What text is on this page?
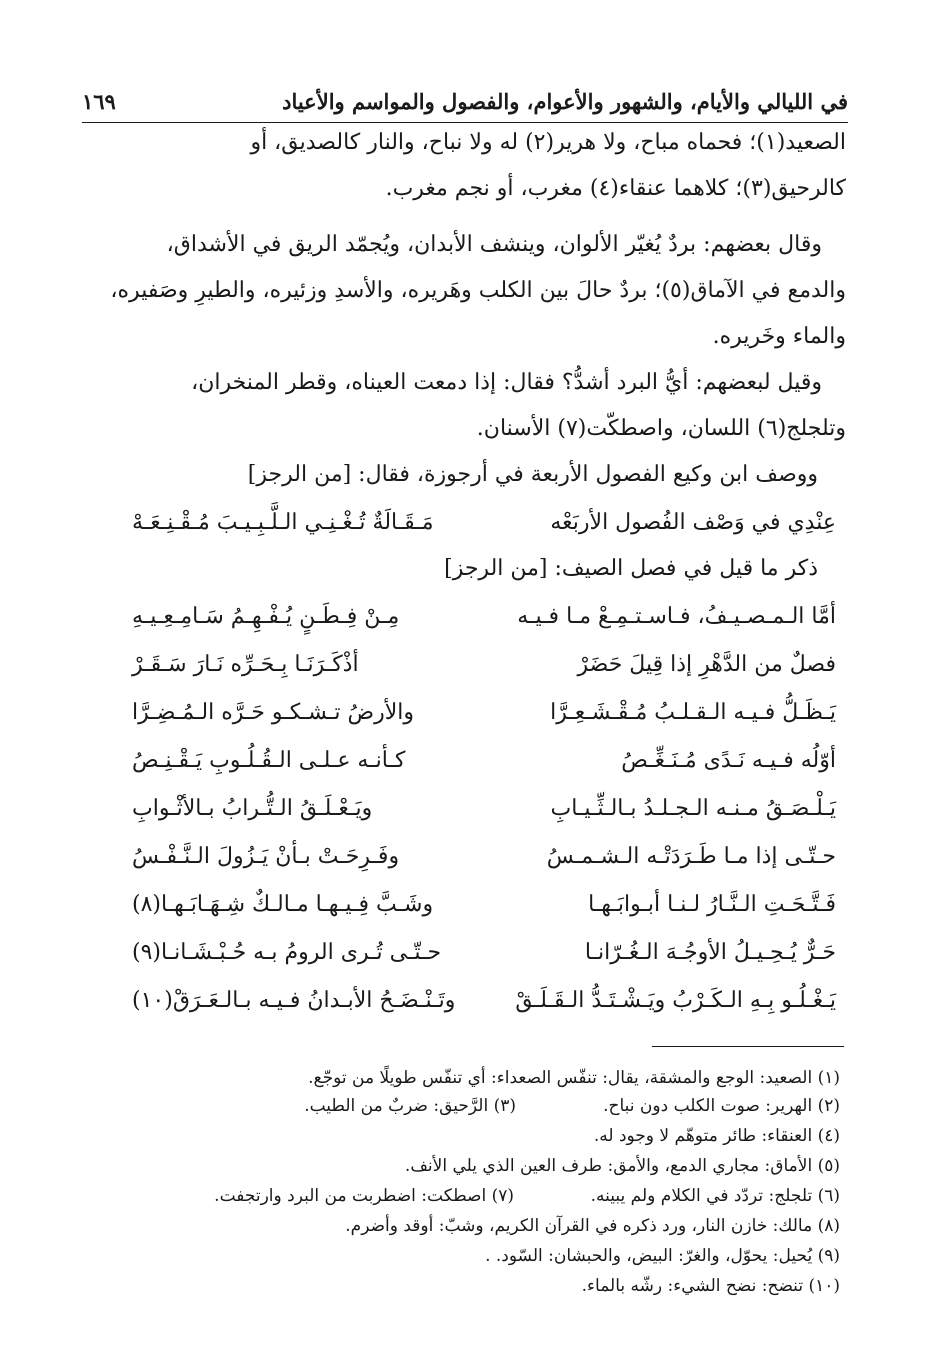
في الليالي والأيام، والشهور والأعوام، والفصول والمواسم والأعياد
١٦٩
الصعيد⁠(١)؛ فحماه مباح، ولا هرير⁠(٢) له ولا نباح، والنار كالصديق، أو
كالرحيق⁠(٣)؛ كلاهما عنقاء⁠(٤) مغرب، أو نجم مغرب.
وقال بعضهم: بردٌ يُغيّر الألوان، وينشف الأبدان، ويُجمّد الريق في الأشداق،
والدمع في الآماق⁠(٥)؛ بردٌ حالَ بين الكلب وهَريره، والأسدِ وزئيره، والطيرِ وصَفيره،
والماء وخَريره.
وقيل لبعضهم: أيُّ البرد أشدُّ؟ فقال: إذا دمعت العيناه، وقطر المنخران،
وتلجلج⁠(٦) اللسان، واصطكّت⁠(٧) الأسنان.
ووصف ابن وكيع الفصول الأربعة في أرجوزة، فقال: [من الرجز]
عِنْدِي في وَصْف الفُصول الأربَعْه
مَـقَـالَةٌ تُـغْـنِـي الـلَّـبِـيـبَ مُـقْـنِـعَـهْ
ذكر ما قيل في فصل الصيف: [من الرجز]
أمَّا الـمـصـيـفُ، فـاسـتـمِـعْ مـا فـيـه
مِـنْ فِـطَـنٍ يُـفْـهِـمُ سَـامِـعِـيـهِ
فصلٌ من الدَّهْرِ إذا قِيلَ حَضَرْ
أذْكَـرَنَـا بِـحَـرِّه نَـارَ سَـقَـرْ
يَـظَـلُّ فـيـه الـقـلـبُ مُـقْـشَـعِـرَّا
والأرضُ تـشـكـو حَـرَّه الـمُـضِـرَّا
أوّلُه فـيـه نَـدًى مُـنَـغِّـصُ
كـأنـه عـلـى الـقُـلُـوبِ يَـقْـنِـصُ
يَـلْـصَـقُ مـنـه الـجـلـدُ بـالـثِّـيـابِ
ويَـعْـلَـقُ الـتُّـرابُ بـالأثْـوابِ
حـتّـى إذا مـا طَـرَدَتْـه الـشـمـسُ
وفَـرِحَـتْ بـأنْ يَـزُولَ الـنَّـفْـسُ
فَـتَّـحَـتِ الـنَّـارُ لـنـا أبـوابَـهـا
وشَـبَّ فِـيـهـا مـالـكٌ شِـهَـابَـهـا⁠(٨)
حَـرٌّ يُـحِـيـلُ الأوجُـهَ الـغُـرّانـا
حـتّـى تُـرى الرومُ بـه حُـبْـشَـانـا⁠(٩)
يَـغْـلُـو بِـهِ الـكَـرْبُ ويَـشْـتَـدُّ الـقَـلَـقْ
وتَـنْـضَـحُ الأبـدانُ فـيـه بـالـعَـرَقْ⁠(١٠)
(١) الصعيد: الوجع والمشقة، يقال: تنفّس الصعداء: أي تنفّس طويلًا من توجّع.
(٢) الهرير: صوت الكلب دون نباح.
(٣) الرَّحيق: ضربٌ من الطيب.
(٤) العنقاء: طائر متوهّم لا وجود له.
(٥) الأماق: مجاري الدمع، والأمق: طرف العين الذي يلي الأنف.
(٦) تلجلج: تردّد في الكلام ولم يبينه.
(٧) اصطكت: اضطربت من البرد وارتجفت.
(٨) مالك: خازن النار، ورد ذكره في القرآن الكريم، وشبّ: أوقد وأضرم.
(٩) يُحيل: يحوّل، والغرّ: البيض، والحبشان: السّود. .
(١٠) تنضح: نضح الشيء: رشّه بالماء.
